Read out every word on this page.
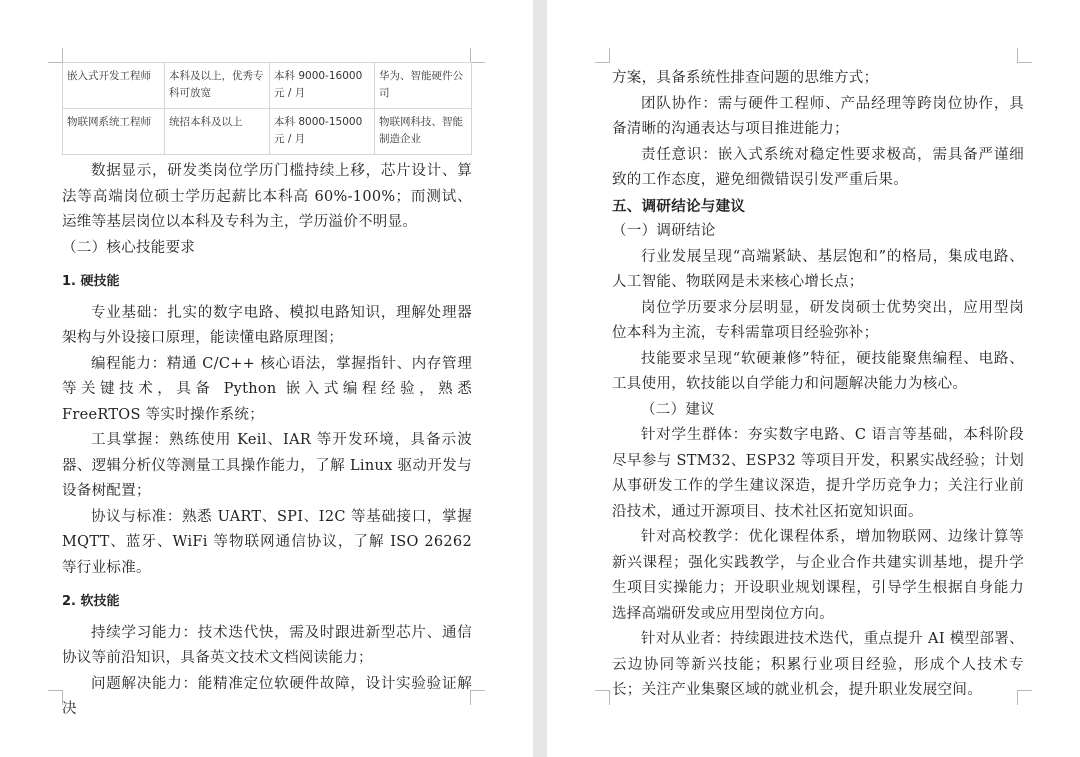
嵌入式开发工程师	本科及以上，优秀专科可放宽	本科 9000-16000 元 / 月	华为、智能硬件公司
物联网系统工程师	统招本科及以上	本科 8000-15000 元 / 月	物联网科技、智能制造企业

数据显示，研发类岗位学历门槛持续上移，芯片设计、算法等高端岗位硕士学历起薪比本科高 60%-100%；而测试、运维等基层岗位以本科及专科为主，学历溢价不明显。

（二）核心技能要求
1. 硬技能

专业基础：扎实的数字电路、模拟电路知识，理解处理器架构与外设接口原理，能读懂电路原理图；

编程能力：精通 C/C++ 核心语法，掌握指针、内存管理等关键技术，具备 Python 嵌入式编程经验，熟悉 FreeRTOS 等实时操作系统；

工具掌握：熟练使用 Keil、IAR 等开发环境，具备示波器、逻辑分析仪等测量工具操作能力，了解 Linux 驱动开发与设备树配置；

协议与标准：熟悉 UART、SPI、I2C 等基础接口，掌握 MQTT、蓝牙、WiFi 等物联网通信协议，了解 ISO 26262 等行业标准。

2. 软技能

持续学习能力：技术迭代快，需及时跟进新型芯片、通信协议等前沿知识，具备英文技术文档阅读能力；

问题解决能力：能精准定位软硬件故障，设计实验验证解决

方案，具备系统性排查问题的思维方式；

团队协作：需与硬件工程师、产品经理等跨岗位协作，具备清晰的沟通表达与项目推进能力；

责任意识：嵌入式系统对稳定性要求极高，需具备严谨细致的工作态度，避免细微错误引发严重后果。

五、调研结论与建议
（一）调研结论

行业发展呈现“高端紧缺、基层饱和”的格局，集成电路、人工智能、物联网是未来核心增长点；

岗位学历要求分层明显，研发岗硕士优势突出，应用型岗位本科为主流，专科需靠项目经验弥补；

技能要求呈现“软硬兼修”特征，硬技能聚焦编程、电路、工具使用，软技能以自学能力和问题解决能力为核心。

（二）建议

针对学生群体：夯实数字电路、C 语言等基础，本科阶段尽早参与 STM32、ESP32 等项目开发，积累实战经验；计划从事研发工作的学生建议深造，提升学历竞争力；关注行业前沿技术，通过开源项目、技术社区拓宽知识面。

针对高校教学：优化课程体系，增加物联网、边缘计算等新兴课程；强化实践教学，与企业合作共建实训基地，提升学生项目实操能力；开设职业规划课程，引导学生根据自身能力选择高端研发或应用型岗位方向。

针对从业者：持续跟进技术迭代，重点提升 AI 模型部署、云边协同等新兴技能；积累行业项目经验，形成个人技术专长；关注产业集聚区域的就业机会，提升职业发展空间。
